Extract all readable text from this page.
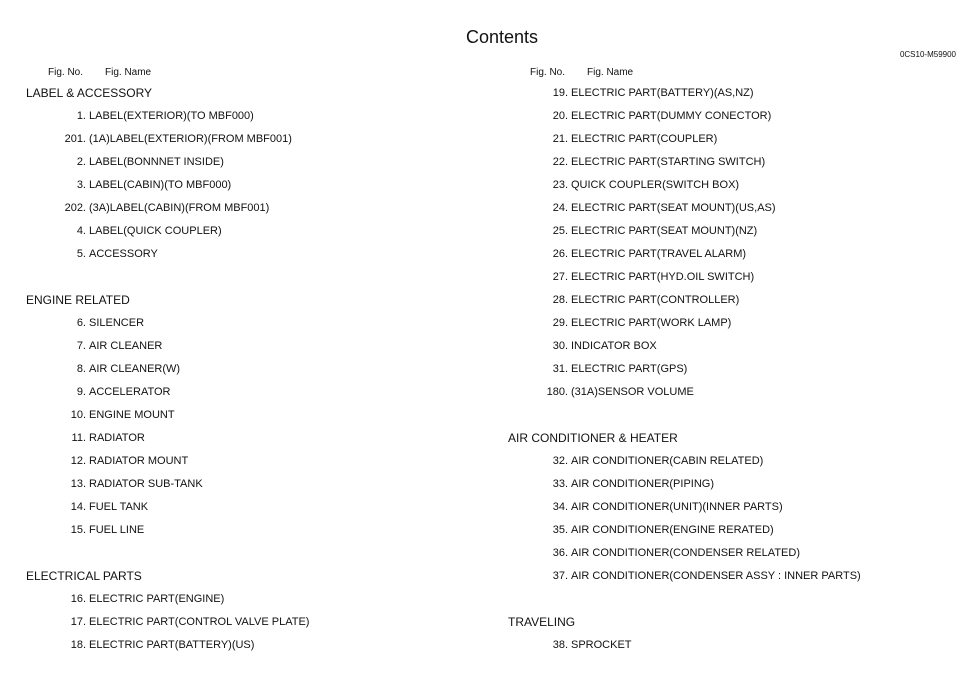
Contents
0CS10-M59900
Fig. No. Fig. Name
LABEL & ACCESSORY
1. LABEL(EXTERIOR)(TO MBF000)
201. (1A)LABEL(EXTERIOR)(FROM MBF001)
2. LABEL(BONNNET INSIDE)
3. LABEL(CABIN)(TO MBF000)
202. (3A)LABEL(CABIN)(FROM MBF001)
4. LABEL(QUICK COUPLER)
5. ACCESSORY
ENGINE RELATED
6. SILENCER
7. AIR CLEANER
8. AIR CLEANER(W)
9. ACCELERATOR
10. ENGINE MOUNT
11. RADIATOR
12. RADIATOR MOUNT
13. RADIATOR SUB-TANK
14. FUEL TANK
15. FUEL LINE
ELECTRICAL PARTS
16. ELECTRIC PART(ENGINE)
17. ELECTRIC PART(CONTROL VALVE PLATE)
18. ELECTRIC PART(BATTERY)(US)
Fig. No. Fig. Name
19. ELECTRIC PART(BATTERY)(AS,NZ)
20. ELECTRIC PART(DUMMY CONECTOR)
21. ELECTRIC PART(COUPLER)
22. ELECTRIC PART(STARTING SWITCH)
23. QUICK COUPLER(SWITCH BOX)
24. ELECTRIC PART(SEAT MOUNT)(US,AS)
25. ELECTRIC PART(SEAT MOUNT)(NZ)
26. ELECTRIC PART(TRAVEL ALARM)
27. ELECTRIC PART(HYD.OIL SWITCH)
28. ELECTRIC PART(CONTROLLER)
29. ELECTRIC PART(WORK LAMP)
30. INDICATOR BOX
31. ELECTRIC PART(GPS)
180. (31A)SENSOR VOLUME
AIR CONDITIONER & HEATER
32. AIR CONDITIONER(CABIN RELATED)
33. AIR CONDITIONER(PIPING)
34. AIR CONDITIONER(UNIT)(INNER PARTS)
35. AIR CONDITIONER(ENGINE RERATED)
36. AIR CONDITIONER(CONDENSER RELATED)
37. AIR CONDITIONER(CONDENSER ASSY : INNER PARTS)
TRAVELING
38. SPROCKET
